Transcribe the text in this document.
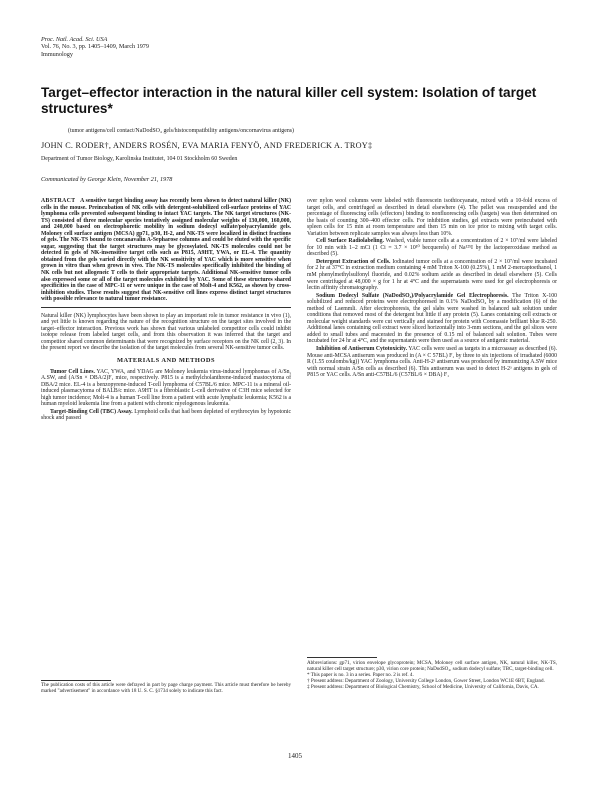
Proc. Natl. Acad. Sci. USA
Vol. 76, No. 3, pp. 1405–1409, March 1979
Immunology
Target–effector interaction in the natural killer cell system: Isolation of target structures*
(tumor antigens/cell contact/NaDodSO₄ gels/histocompatibility antigens/oncornavirus antigens)
JOHN C. RODER†, ANDERS ROSÉN, EVA MARIA FENYÖ, AND FREDERICK A. TROY‡
Department of Tumor Biology, Karolinska Institutet, 104 01 Stockholm 60 Sweden
Communicated by George Klein, November 21, 1978
ABSTRACT A sensitive target binding assay has recently been shown to detect natural killer (NK) cells in the mouse. Preincubation of NK cells with detergent-solubilized cell-surface proteins of YAC lymphoma cells prevented subsequent binding to intact YAC targets. The NK target structures (NK-TS) consisted of three molecular species tentatively assigned molecular weights of 130,000, 160,000, and 240,000 based on electrophoretic mobility in sodium dodecyl sulfate/polyacrylamide gels. Moloney cell surface antigen (MCSA) gp71, p30, H-2, and NK-TS were localized in distinct fractions of gels. The NK-TS bound to concanavalin A-Sepharose columns and could be eluted with the specific sugar, suggesting that the target structures may be glycosylated. NK-TS molecules could not be detected in gels of NK-insensitive target cells such as P815, A9HT, YWA, or EL-4. The quantity obtained from the gels varied directly with the NK sensitivity of YAC which is more sensitive when grown in vitro than when grown in vivo. The NK-TS molecules specifically inhibited the binding of NK cells but not allogeneic T cells to their appropriate targets. Additional NK-sensitive tumor cells also expressed some or all of the target molecules exhibited by YAC. Some of these structures shared specificities in the case of MPC-11 or were unique in the case of Molt-4 and K562, as shown by cross-inhibition studies. These results suggest that NK-sensitive cell lines express distinct target structures with possible relevance to natural tumor resistance.

Natural killer (NK) lymphocytes have been shown to play an important role in tumor resistance in vivo (1), and yet little is known regarding the nature of the recognition structure on the target sites involved in the target–effector interaction. Previous work has shown that various unlabeled competitor cells could inhibit isotope release from labeled target cells, and from this observation it was inferred that the target and competitor shared common determinants that were recognized by surface receptors on the NK cell (2, 3). In the present report we describe the isolation of the target molecules from several NK-sensitive tumor cells.

MATERIALS AND METHODS

Tumor Cell Lines. YAC, YWA, and YDAG are Moloney leukemia virus-induced lymphomas of A/Sn, A.SW, and (A/Sn × DBA/2)F₁ mice, respectively. P815 is a methylcholanthrene-induced mastocytoma of DBA/2 mice. EL-4 is a benzopyrene-induced T-cell lymphoma of C57BL/6 mice. MPC-11 is a mineral oil-induced plasmacytoma of BALB/c mice. A9HT is a fibroblastic L-cell derivative of C3H mice selected for high tumor incidence; Molt-4 is a human T-cell line from a patient with acute lymphatic leukemia; K562 is a human myeloid leukemia line from a patient with chronic myelogenous leukemia.

Target-Binding Cell (TBC) Assay. Lymphoid cells that had been depleted of erythrocytes by hypotonic shock and passed

The publication costs of this article were defrayed in part by page charge payment. This article must therefore be hereby marked "advertisement" in accordance with 18 U. S. C. §1734 solely to indicate this fact.

over nylon wool columns were labeled with fluorescein isothiocyanate, mixed with a 10-fold excess of target cells, and centrifuged as described in detail elsewhere (4). The pellet was resuspended and the percentage of fluorescing cells (effectors) binding to nonfluorescing cells (targets) was then determined on the basis of counting 300–400 effector cells. For inhibition studies, gel extracts were preincubated with spleen cells for 15 min at room temperature and then 15 min on ice prior to mixing with target cells. Variation between replicate samples was always less than 10%.

Cell Surface Radiolabeling. Washed, viable tumor cells at a concentration of 2 × 10⁷/ml were labeled for 10 min with 1–2 mCi (1 Ci = 3.7 × 10¹⁰ becquerels) of Na¹²⁵I by the lactoperoxidase method as described (5).

Detergent Extraction of Cells. Iodinated tumor cells at a concentration of 2 × 10⁷/ml were incubated for 2 hr at 37°C in extraction medium containing 4 mM Triton X-100 (0.25%), 1 mM 2-mercaptoethanol, 1 mM phenylmethylsulfonyl fluoride, and 0.02% sodium azide as described in detail elsewhere (5). Cells were centrifuged at 48,000 × g for 1 hr at 4°C and the supernatants were used for gel electrophoresis or lectin affinity chromatography.

Sodium Dodecyl Sulfate (NaDodSO₄)/Polyacrylamide Gel Electrophoresis. The Triton X-100 solubilized and reduced proteins were electrophoresed in 0.1% NaDodSO₄ by a modification (6) of the method of Laemmli. After electrophoresis, the gel slabs were washed in balanced salt solution under conditions that removed most of the detergent but little if any protein (5). Lanes containing cell extracts or molecular weight standards were cut vertically and stained for protein with Coomassie brilliant blue R-250. Additional lanes containing cell extract were sliced horizontally into 3-mm sections, and the gel slices were added to small tubes and macerated in the presence of 0.15 ml of balanced salt solution. Tubes were incubated for 24 hr at 4°C, and the supernatants were then used as a source of antigenic material.

Inhibition of Antiserum Cytotoxicity. YAC cells were used as targets in a microassay as described (6). Mouse anti-MCSA antiserum was produced in (A × C 57BL) F₁ by three to six injections of irradiated (6000 R (1.55 coulombs/kg)) YAC lymphoma cells. Anti-H-2ᵃ antiserum was produced by immunizing A.SW mice with normal strain A/Sn cells as described (6). This antiserum was used to detect H-2ᵃ antigens in gels of P815 or YAC cells. A/Sn anti-C57BL/6 (C57BL/6 × DBA) F₁

Abbreviations: gp71, virion envelope glycoprotein; MCSA, Moloney cell surface antigen, NK, natural killer, NK-TS, natural killer cell target structure; p30, virion core protein; NaDodSO₄, sodium dodecyl sulfate; TBC, target-binding cell.
* This paper is no. 3 in a series. Paper no. 2 is ref. 4.
† Present address: Department of Zoology, University College London, Gower Street, London WC1E 6BT, England.
‡ Present address: Department of Biological Chemistry, School of Medicine, University of California, Davis, CA.
1405
